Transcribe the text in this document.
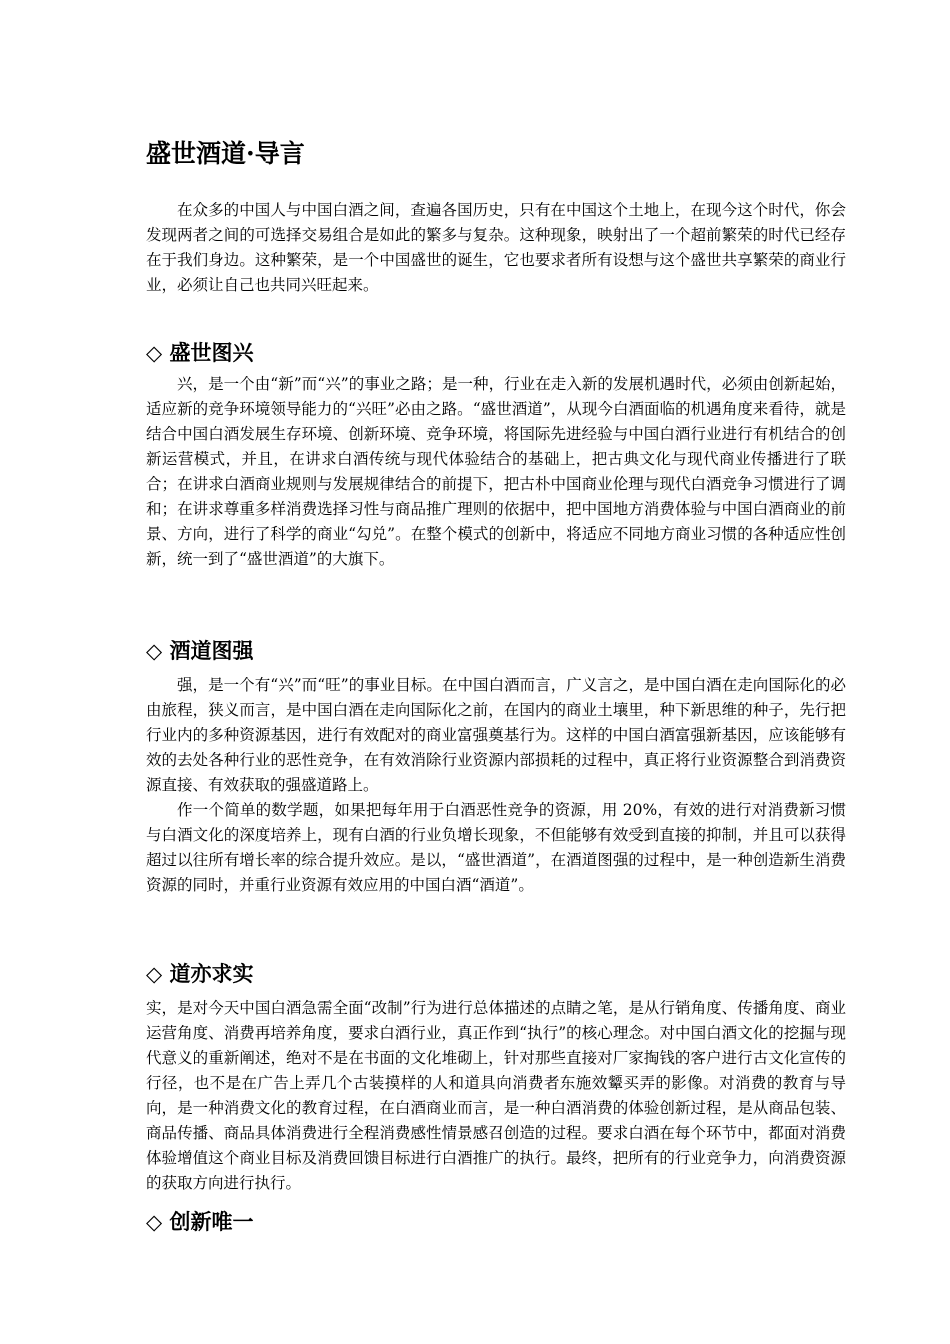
盛世酒道·导言

在众多的中国人与中国白酒之间，查遍各国历史，只有在中国这个土地上，在现今这个时代，你会发现两者之间的可选择交易组合是如此的繁多与复杂。这种现象，映射出了一个超前繁荣的时代已经存在于我们身边。这种繁荣，是一个中国盛世的诞生，它也要求者所有设想与这个盛世共享繁荣的商业行业，必须让自己也共同兴旺起来。

◇ 盛世图兴

兴，是一个由“新”而“兴”的事业之路；是一种，行业在走入新的发展机遇时代，必须由创新起始，适应新的竞争环境领导能力的“兴旺”必由之路。“盛世酒道”，从现今白酒面临的机遇角度来看待，就是结合中国白酒发展生存环境、创新环境、竞争环境，将国际先进经验与中国白酒行业进行有机结合的创新运营模式，并且，在讲求白酒传统与现代体验结合的基础上，把古典文化与现代商业传播进行了联合；在讲求白酒商业规则与发展规律结合的前提下，把古朴中国商业伦理与现代白酒竞争习惯进行了调和；在讲求尊重多样消费选择习性与商品推广理则的依据中，把中国地方消费体验与中国白酒商业的前景、方向，进行了科学的商业“勾兑”。在整个模式的创新中，将适应不同地方商业习惯的各种适应性创新，统一到了“盛世酒道”的大旗下。

◇ 酒道图强

强，是一个有“兴”而“旺”的事业目标。在中国白酒而言，广义言之，是中国白酒在走向国际化的必由旅程，狭义而言，是中国白酒在走向国际化之前，在国内的商业土壤里，种下新思维的种子，先行把行业内的多种资源基因，进行有效配对的商业富强奠基行为。这样的中国白酒富强新基因，应该能够有效的去处各种行业的恶性竞争，在有效消除行业资源内部损耗的过程中，真正将行业资源整合到消费资源直接、有效获取的强盛道路上。

作一个简单的数学题，如果把每年用于白酒恶性竞争的资源，用 20%，有效的进行对消费新习惯与白酒文化的深度培养上，现有白酒的行业负增长现象，不但能够有效受到直接的抑制，并且可以获得超过以往所有增长率的综合提升效应。是以，“盛世酒道”，在酒道图强的过程中，是一种创造新生消费资源的同时，并重行业资源有效应用的中国白酒“酒道”。

◇ 道亦求实

实，是对今天中国白酒急需全面“改制”行为进行总体描述的点睛之笔，是从行销角度、传播角度、商业运营角度、消费再培养角度，要求白酒行业，真正作到“执行”的核心理念。对中国白酒文化的挖掘与现代意义的重新阐述，绝对不是在书面的文化堆砌上，针对那些直接对厂家掏钱的客户进行古文化宣传的行径，也不是在广告上弄几个古装摸样的人和道具向消费者东施效颦买弄的影像。对消费的教育与导向，是一种消费文化的教育过程，在白酒商业而言，是一种白酒消费的体验创新过程，是从商品包装、商品传播、商品具体消费进行全程消费感性情景感召创造的过程。要求白酒在每个环节中，都面对消费体验增值这个商业目标及消费回馈目标进行白酒推广的执行。最终，把所有的行业竞争力，向消费资源的获取方向进行执行。

◇ 创新唯一
